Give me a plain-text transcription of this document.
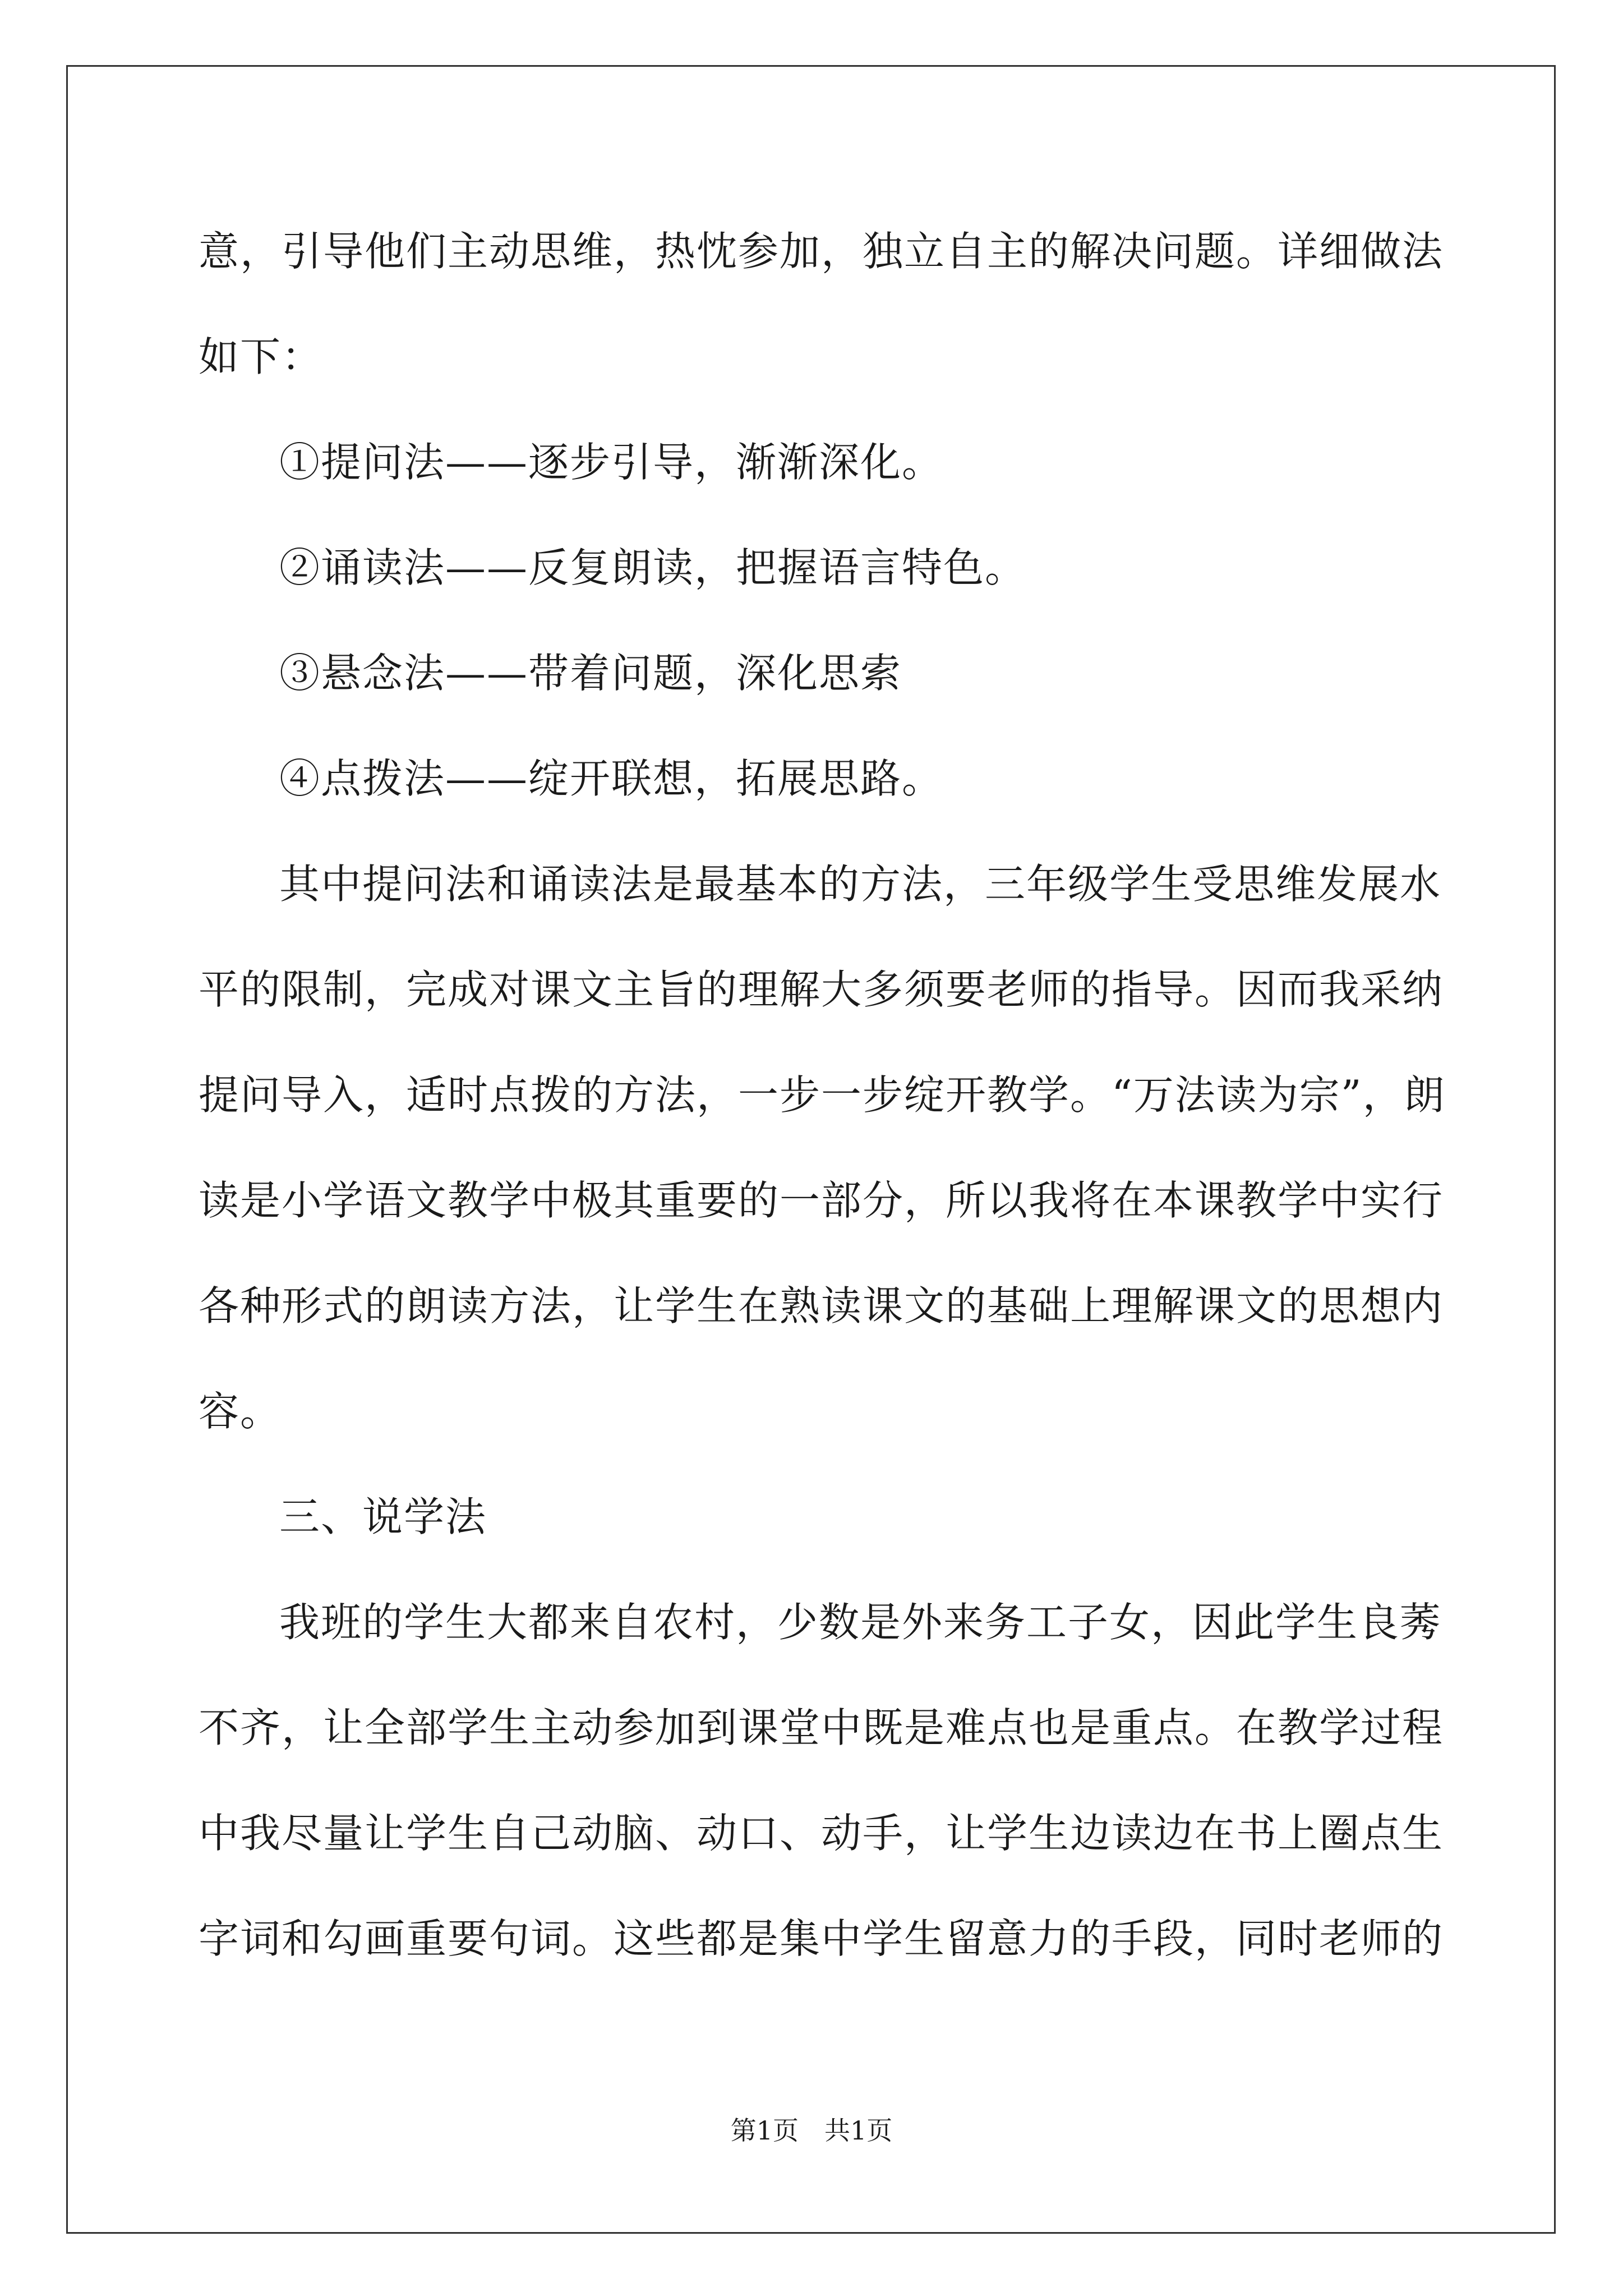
意，引导他们主动思维，热忱参加，独立自主的解决问题。详细做法
如下：
①提问法——逐步引导，渐渐深化。
②诵读法——反复朗读，把握语言特色。
③悬念法——带着问题，深化思索
④点拨法——绽开联想，拓展思路。
其中提问法和诵读法是最基本的方法，三年级学生受思维发展水
平的限制，完成对课文主旨的理解大多须要老师的指导。因而我采纳
提问导入，适时点拨的方法，一步一步绽开教学。“万法读为宗”，朗
读是小学语文教学中极其重要的一部分，所以我将在本课教学中实行
各种形式的朗读方法，让学生在熟读课文的基础上理解课文的思想内
容。
三、说学法
我班的学生大都来自农村，少数是外来务工子女，因此学生良莠
不齐，让全部学生主动参加到课堂中既是难点也是重点。在教学过程
中我尽量让学生自己动脑、动口、动手，让学生边读边在书上圈点生
字词和勾画重要句词。这些都是集中学生留意力的手段，同时老师的
第1页 共1页
